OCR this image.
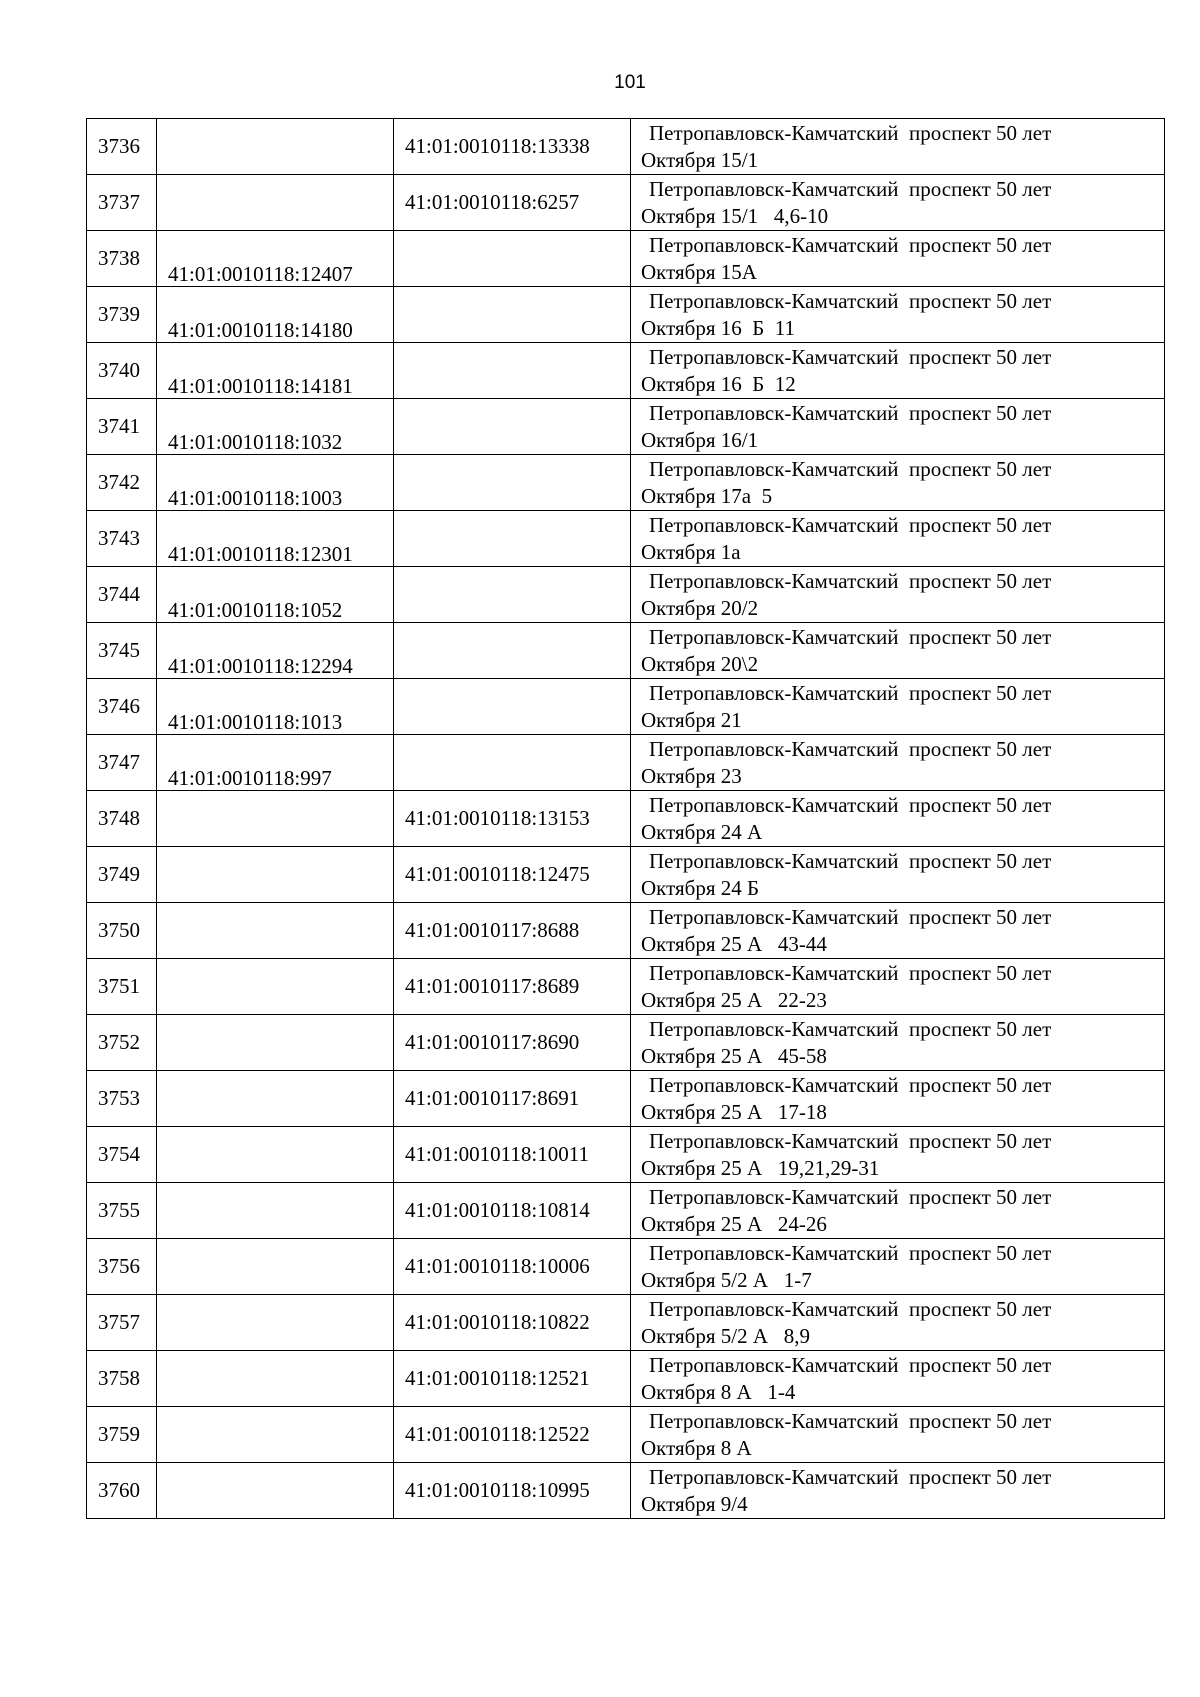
101
3736		41:01:0010118:13338	Петропавловск-Камчатский  проспект 50 лет
Октября 15/1

3737		41:01:0010118:6257	Петропавловск-Камчатский  проспект 50 лет
Октября 15/1   4,6-10

3738	41:01:0010118:12407		Петропавловск-Камчатский  проспект 50 лет
Октября 15А

3739	41:01:0010118:14180		Петропавловск-Камчатский  проспект 50 лет
Октября 16  Б  11

3740	41:01:0010118:14181		Петропавловск-Камчатский  проспект 50 лет
Октября 16  Б  12

3741	41:01:0010118:1032		Петропавловск-Камчатский  проспект 50 лет
Октября 16/1

3742	41:01:0010118:1003		Петропавловск-Камчатский  проспект 50 лет
Октября 17а  5

3743	41:01:0010118:12301		Петропавловск-Камчатский  проспект 50 лет
Октября 1а

3744	41:01:0010118:1052		Петропавловск-Камчатский  проспект 50 лет
Октября 20/2

3745	41:01:0010118:12294		Петропавловск-Камчатский  проспект 50 лет
Октября 20\2

3746	41:01:0010118:1013		Петропавловск-Камчатский  проспект 50 лет
Октября 21

3747	41:01:0010118:997		Петропавловск-Камчатский  проспект 50 лет
Октября 23

3748		41:01:0010118:13153	Петропавловск-Камчатский  проспект 50 лет
Октября 24 А

3749		41:01:0010118:12475	Петропавловск-Камчатский  проспект 50 лет
Октября 24 Б

3750		41:01:0010117:8688	Петропавловск-Камчатский  проспект 50 лет
Октября 25 А   43-44

3751		41:01:0010117:8689	Петропавловск-Камчатский  проспект 50 лет
Октября 25 А   22-23

3752		41:01:0010117:8690	Петропавловск-Камчатский  проспект 50 лет
Октября 25 А   45-58

3753		41:01:0010117:8691	Петропавловск-Камчатский  проспект 50 лет
Октября 25 А   17-18

3754		41:01:0010118:10011	Петропавловск-Камчатский  проспект 50 лет
Октября 25 А   19,21,29-31

3755		41:01:0010118:10814	Петропавловск-Камчатский  проспект 50 лет
Октября 25 А   24-26

3756		41:01:0010118:10006	Петропавловск-Камчатский  проспект 50 лет
Октября 5/2 А   1-7

3757		41:01:0010118:10822	Петропавловск-Камчатский  проспект 50 лет
Октября 5/2 А   8,9

3758		41:01:0010118:12521	Петропавловск-Камчатский  проспект 50 лет
Октября 8 А   1-4

3759		41:01:0010118:12522	Петропавловск-Камчатский  проспект 50 лет
Октября 8 А

3760		41:01:0010118:10995	Петропавловск-Камчатский  проспект 50 лет
Октября 9/4
